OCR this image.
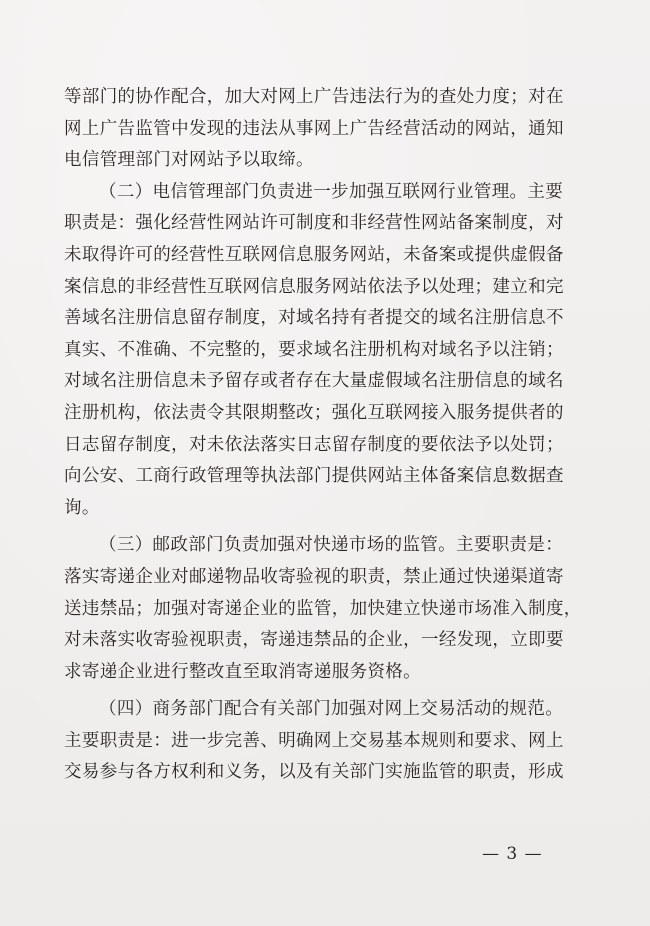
等部门的协作配合，加大对网上广告违法行为的查处力度；对在
网上广告监管中发现的违法从事网上广告经营活动的网站，通知
电信管理部门对网站予以取缔。
（二）电信管理部门负责进一步加强互联网行业管理。主要
职责是：强化经营性网站许可制度和非经营性网站备案制度，对
未取得许可的经营性互联网信息服务网站，未备案或提供虚假备
案信息的非经营性互联网信息服务网站依法予以处理；建立和完
善域名注册信息留存制度，对域名持有者提交的域名注册信息不
真实、不准确、不完整的，要求域名注册机构对域名予以注销；
对域名注册信息未予留存或者存在大量虚假域名注册信息的域名
注册机构，依法责令其限期整改；强化互联网接入服务提供者的
日志留存制度，对未依法落实日志留存制度的要依法予以处罚；
向公安、工商行政管理等执法部门提供网站主体备案信息数据查
询。
（三）邮政部门负责加强对快递市场的监管。主要职责是：
落实寄递企业对邮递物品收寄验视的职责，禁止通过快递渠道寄
送违禁品；加强对寄递企业的监管，加快建立快递市场准入制度，
对未落实收寄验视职责，寄递违禁品的企业，一经发现，立即要
求寄递企业进行整改直至取消寄递服务资格。
（四）商务部门配合有关部门加强对网上交易活动的规范。
主要职责是：进一步完善、明确网上交易基本规则和要求、网上
交易参与各方权利和义务，以及有关部门实施监管的职责，形成
— 3 —
